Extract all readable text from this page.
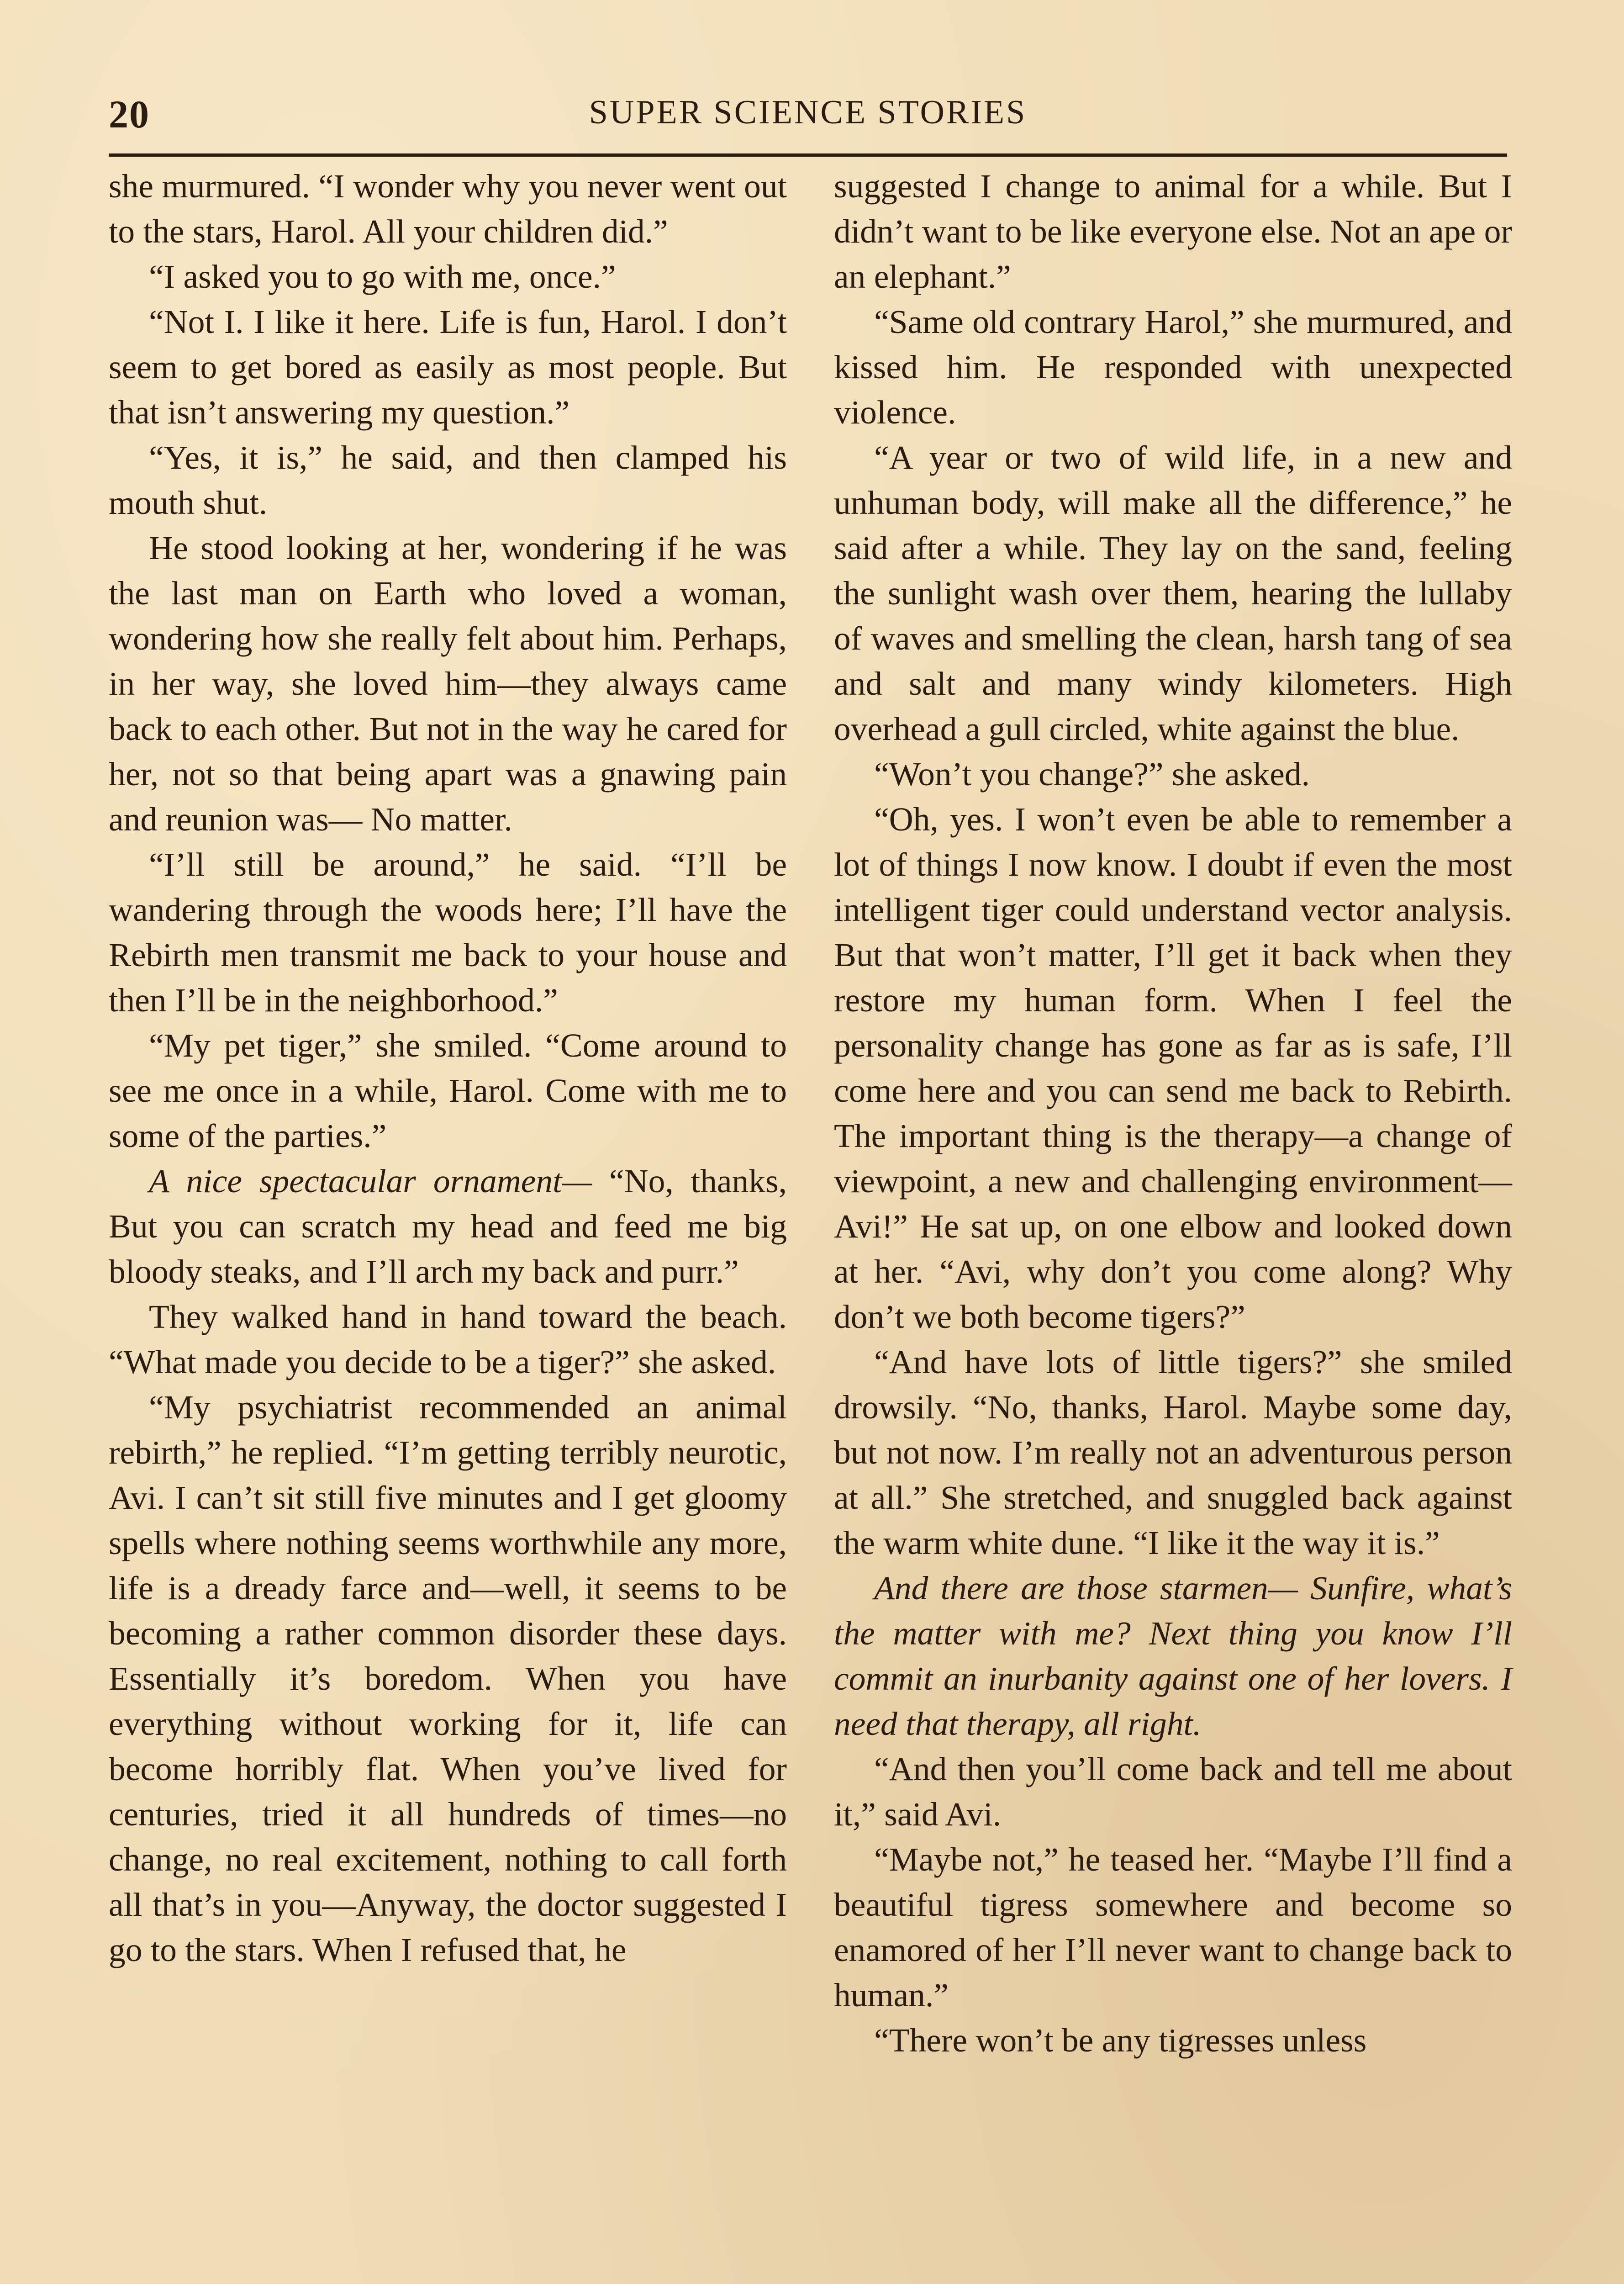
20	SUPER SCIENCE STORIES

she murmured. “I wonder why you never went out to the stars, Harol. All your children did.”

“I asked you to go with me, once.”

“Not I. I like it here. Life is fun, Harol. I don’t seem to get bored as easily as most people. But that isn’t answering my question.”

“Yes, it is,” he said, and then clamped his mouth shut.

He stood looking at her, wondering if he was the last man on Earth who loved a woman, wondering how she really felt about him. Perhaps, in her way, she loved him—they always came back to each other. But not in the way he cared for her, not so that being apart was a gnawing pain and reunion was— No matter.

“I’ll still be around,” he said. “I’ll be wandering through the woods here; I’ll have the Rebirth men transmit me back to your house and then I’ll be in the neighborhood.”

“My pet tiger,” she smiled. “Come around to see me once in a while, Harol. Come with me to some of the parties.”

A nice spectacular ornament— “No, thanks, But you can scratch my head and feed me big bloody steaks, and I’ll arch my back and purr.”

They walked hand in hand toward the beach. “What made you decide to be a tiger?” she asked.

“My psychiatrist recommended an animal rebirth,” he replied. “I’m getting terribly neurotic, Avi. I can’t sit still five minutes and I get gloomy spells where nothing seems worthwhile any more, life is a dready farce and—well, it seems to be becoming a rather common disorder these days. Essentially it’s boredom. When you have everything without working for it, life can become horribly flat. When you’ve lived for centuries, tried it all hundreds of times—no change, no real excitement, nothing to call forth all that’s in you—Anyway, the doctor suggested I go to the stars. When I refused that, he

suggested I change to animal for a while. But I didn’t want to be like everyone else. Not an ape or an elephant.”

“Same old contrary Harol,” she murmured, and kissed him. He responded with unexpected violence.

“A year or two of wild life, in a new and unhuman body, will make all the difference,” he said after a while. They lay on the sand, feeling the sunlight wash over them, hearing the lullaby of waves and smelling the clean, harsh tang of sea and salt and many windy kilometers. High overhead a gull circled, white against the blue.

“Won’t you change?” she asked.

“Oh, yes. I won’t even be able to remember a lot of things I now know. I doubt if even the most intelligent tiger could understand vector analysis. But that won’t matter, I’ll get it back when they restore my human form. When I feel the personality change has gone as far as is safe, I’ll come here and you can send me back to Rebirth. The important thing is the therapy—a change of viewpoint, a new and challenging environment— Avi!” He sat up, on one elbow and looked down at her. “Avi, why don’t you come along? Why don’t we both become tigers?”

“And have lots of little tigers?” she smiled drowsily. “No, thanks, Harol. Maybe some day, but not now. I’m really not an adventurous person at all.” She stretched, and snuggled back against the warm white dune. “I like it the way it is.”

And there are those starmen— Sunfire, what’s the matter with me? Next thing you know I’ll commit an inurbanity against one of her lovers. I need that therapy, all right.

“And then you’ll come back and tell me about it,” said Avi.

“Maybe not,” he teased her. “Maybe I’ll find a beautiful tigress somewhere and become so enamored of her I’ll never want to change back to human.”

“There won’t be any tigresses unless
